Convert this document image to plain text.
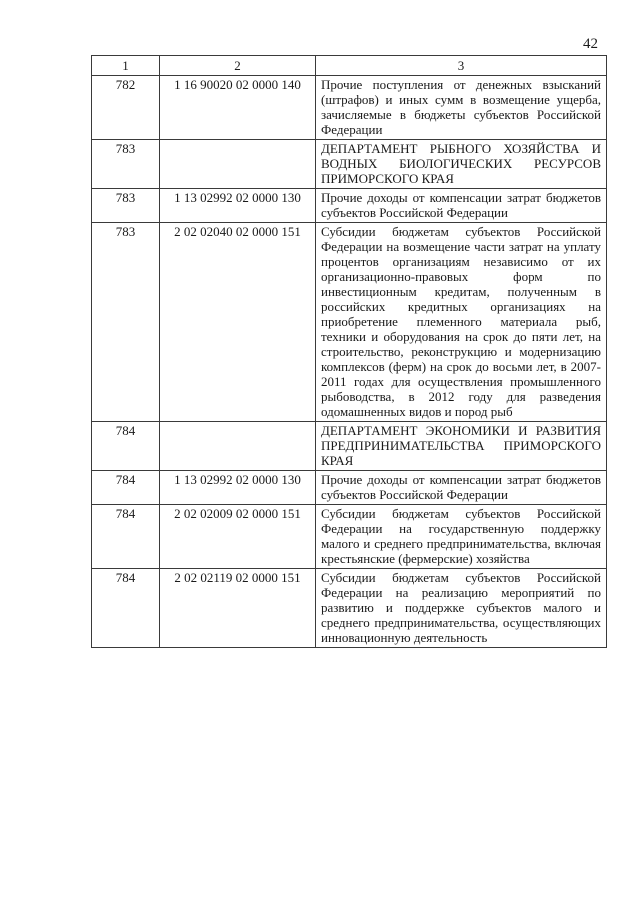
42
1	2	3
782	1 16 90020 02 0000 140	Прочие поступления от денежных взысканий (штрафов) и иных сумм в возмещение ущерба, зачисляемые в бюджеты субъектов Российской Федерации
783		ДЕПАРТАМЕНТ РЫБНОГО ХОЗЯЙСТВА И ВОДНЫХ БИОЛОГИЧЕСКИХ РЕСУРСОВ ПРИМОРСКОГО КРАЯ
783	1 13 02992 02 0000 130	Прочие доходы от компенсации затрат бюджетов субъектов Российской Федерации
783	2 02 02040 02 0000 151	Субсидии бюджетам субъектов Российской Федерации на возмещение части затрат на уплату процентов организациям независимо от их организационно-правовых форм по инвестиционным кредитам, полученным в российских кредитных организациях на приобретение племенного материала рыб, техники и оборудования на срок до пяти лет, на строительство, реконструкцию и модернизацию комплексов (ферм) на срок до восьми лет, в 2007-2011 годах для осуществления промышленного рыбоводства, в 2012 году для разведения одомашненных видов и пород рыб
784		ДЕПАРТАМЕНТ ЭКОНОМИКИ И РАЗВИТИЯ ПРЕДПРИНИМАТЕЛЬСТВА ПРИМОРСКОГО КРАЯ
784	1 13 02992 02 0000 130	Прочие доходы от компенсации затрат бюджетов субъектов Российской Федерации
784	2 02 02009 02 0000 151	Субсидии бюджетам субъектов Российской Федерации на государственную поддержку малого и среднего предпринимательства, включая крестьянские (фермерские) хозяйства
784	2 02 02119 02 0000 151	Субсидии бюджетам субъектов Российской Федерации на реализацию мероприятий по развитию и поддержке субъектов малого и среднего предпринимательства, осуществляющих инновационную деятельность
